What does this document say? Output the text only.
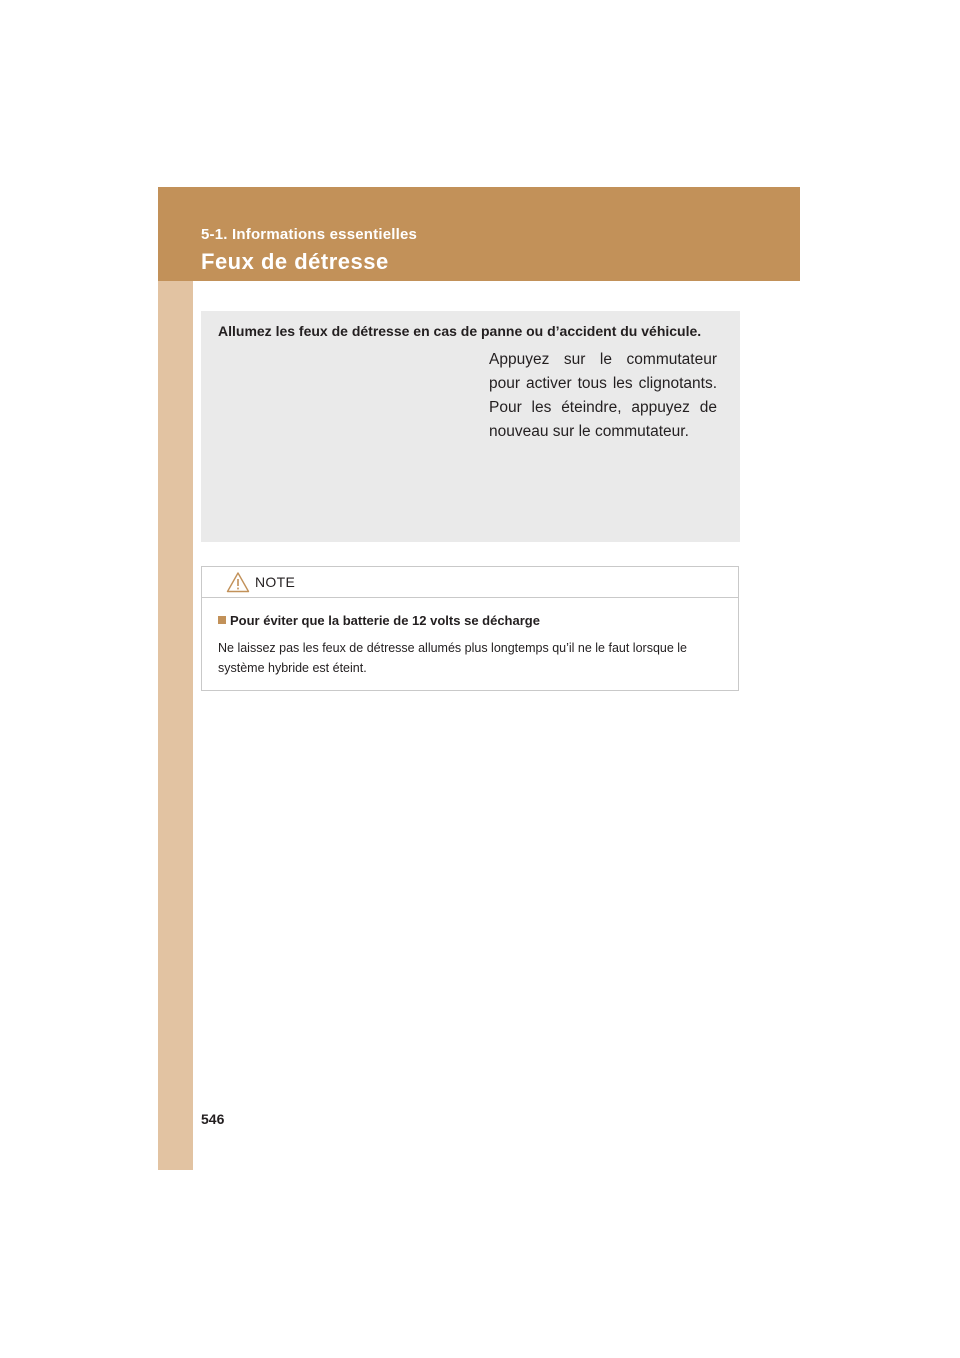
5-1. Informations essentielles
Feux de détresse
Allumez les feux de détresse en cas de panne ou d’accident du véhicule.
Appuyez sur le commutateur pour activer tous les clignotants. Pour les éteindre, appuyez de nouveau sur le commutateur.
NOTE
Pour éviter que la batterie de 12 volts se décharge
Ne laissez pas les feux de détresse allumés plus longtemps qu’il ne le faut lorsque le système hybride est éteint.
546
